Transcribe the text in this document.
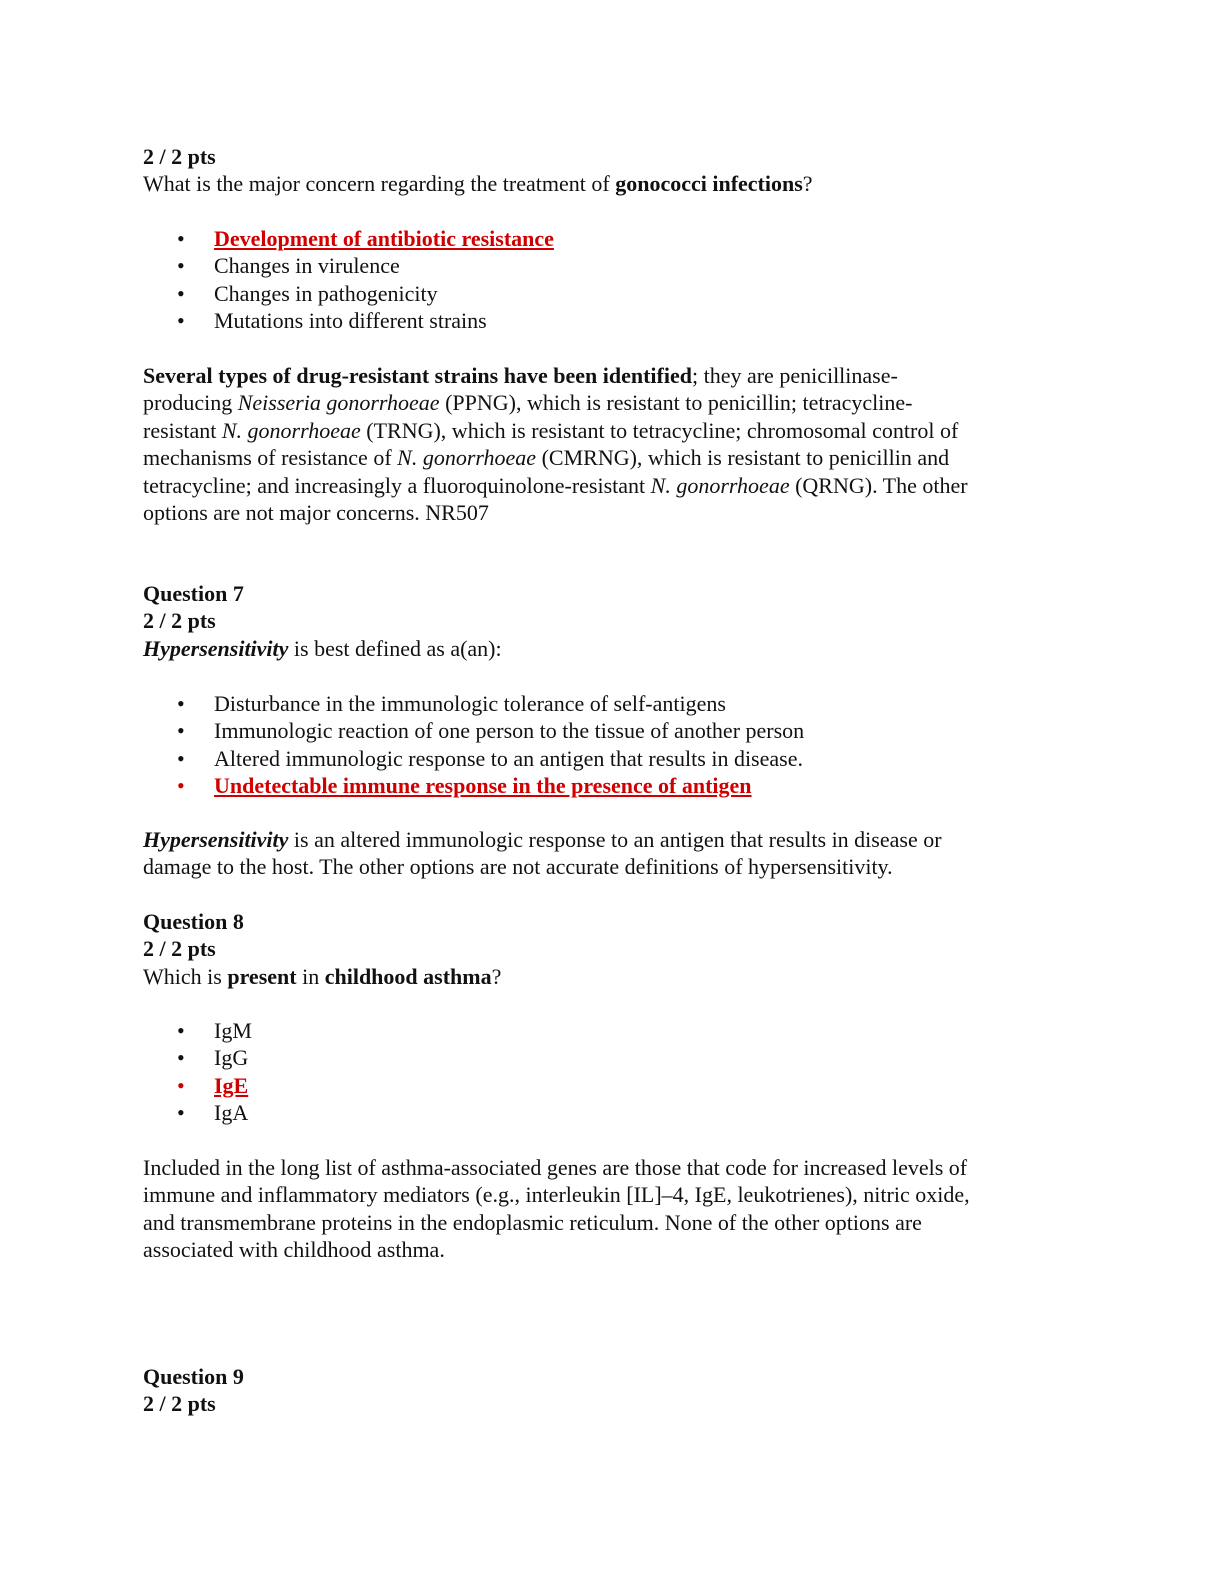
2 / 2 pts
What is the major concern regarding the treatment of gonococci infections?
• Development of antibiotic resistance
• Changes in virulence
• Changes in pathogenicity
• Mutations into different strains
Several types of drug-resistant strains have been identified; they are penicillinase-
producing Neisseria gonorrhoeae (PPNG), which is resistant to penicillin; tetracycline-
resistant N. gonorrhoeae (TRNG), which is resistant to tetracycline; chromosomal control of
mechanisms of resistance of N. gonorrhoeae (CMRNG), which is resistant to penicillin and
tetracycline; and increasingly a fluoroquinolone-resistant N. gonorrhoeae (QRNG). The other
options are not major concerns. NR507
Question 7
2 / 2 pts
Hypersensitivity is best defined as a(an):
• Disturbance in the immunologic tolerance of self-antigens
• Immunologic reaction of one person to the tissue of another person
• Altered immunologic response to an antigen that results in disease.
• Undetectable immune response in the presence of antigen
Hypersensitivity is an altered immunologic response to an antigen that results in disease or
damage to the host. The other options are not accurate definitions of hypersensitivity.
Question 8
2 / 2 pts
Which is present in childhood asthma?
• IgM
• IgG
• IgE
• IgA
Included in the long list of asthma-associated genes are those that code for increased levels of
immune and inflammatory mediators (e.g., interleukin [IL]–4, IgE, leukotrienes), nitric oxide,
and transmembrane proteins in the endoplasmic reticulum. None of the other options are
associated with childhood asthma.
Question 9
2 / 2 pts
